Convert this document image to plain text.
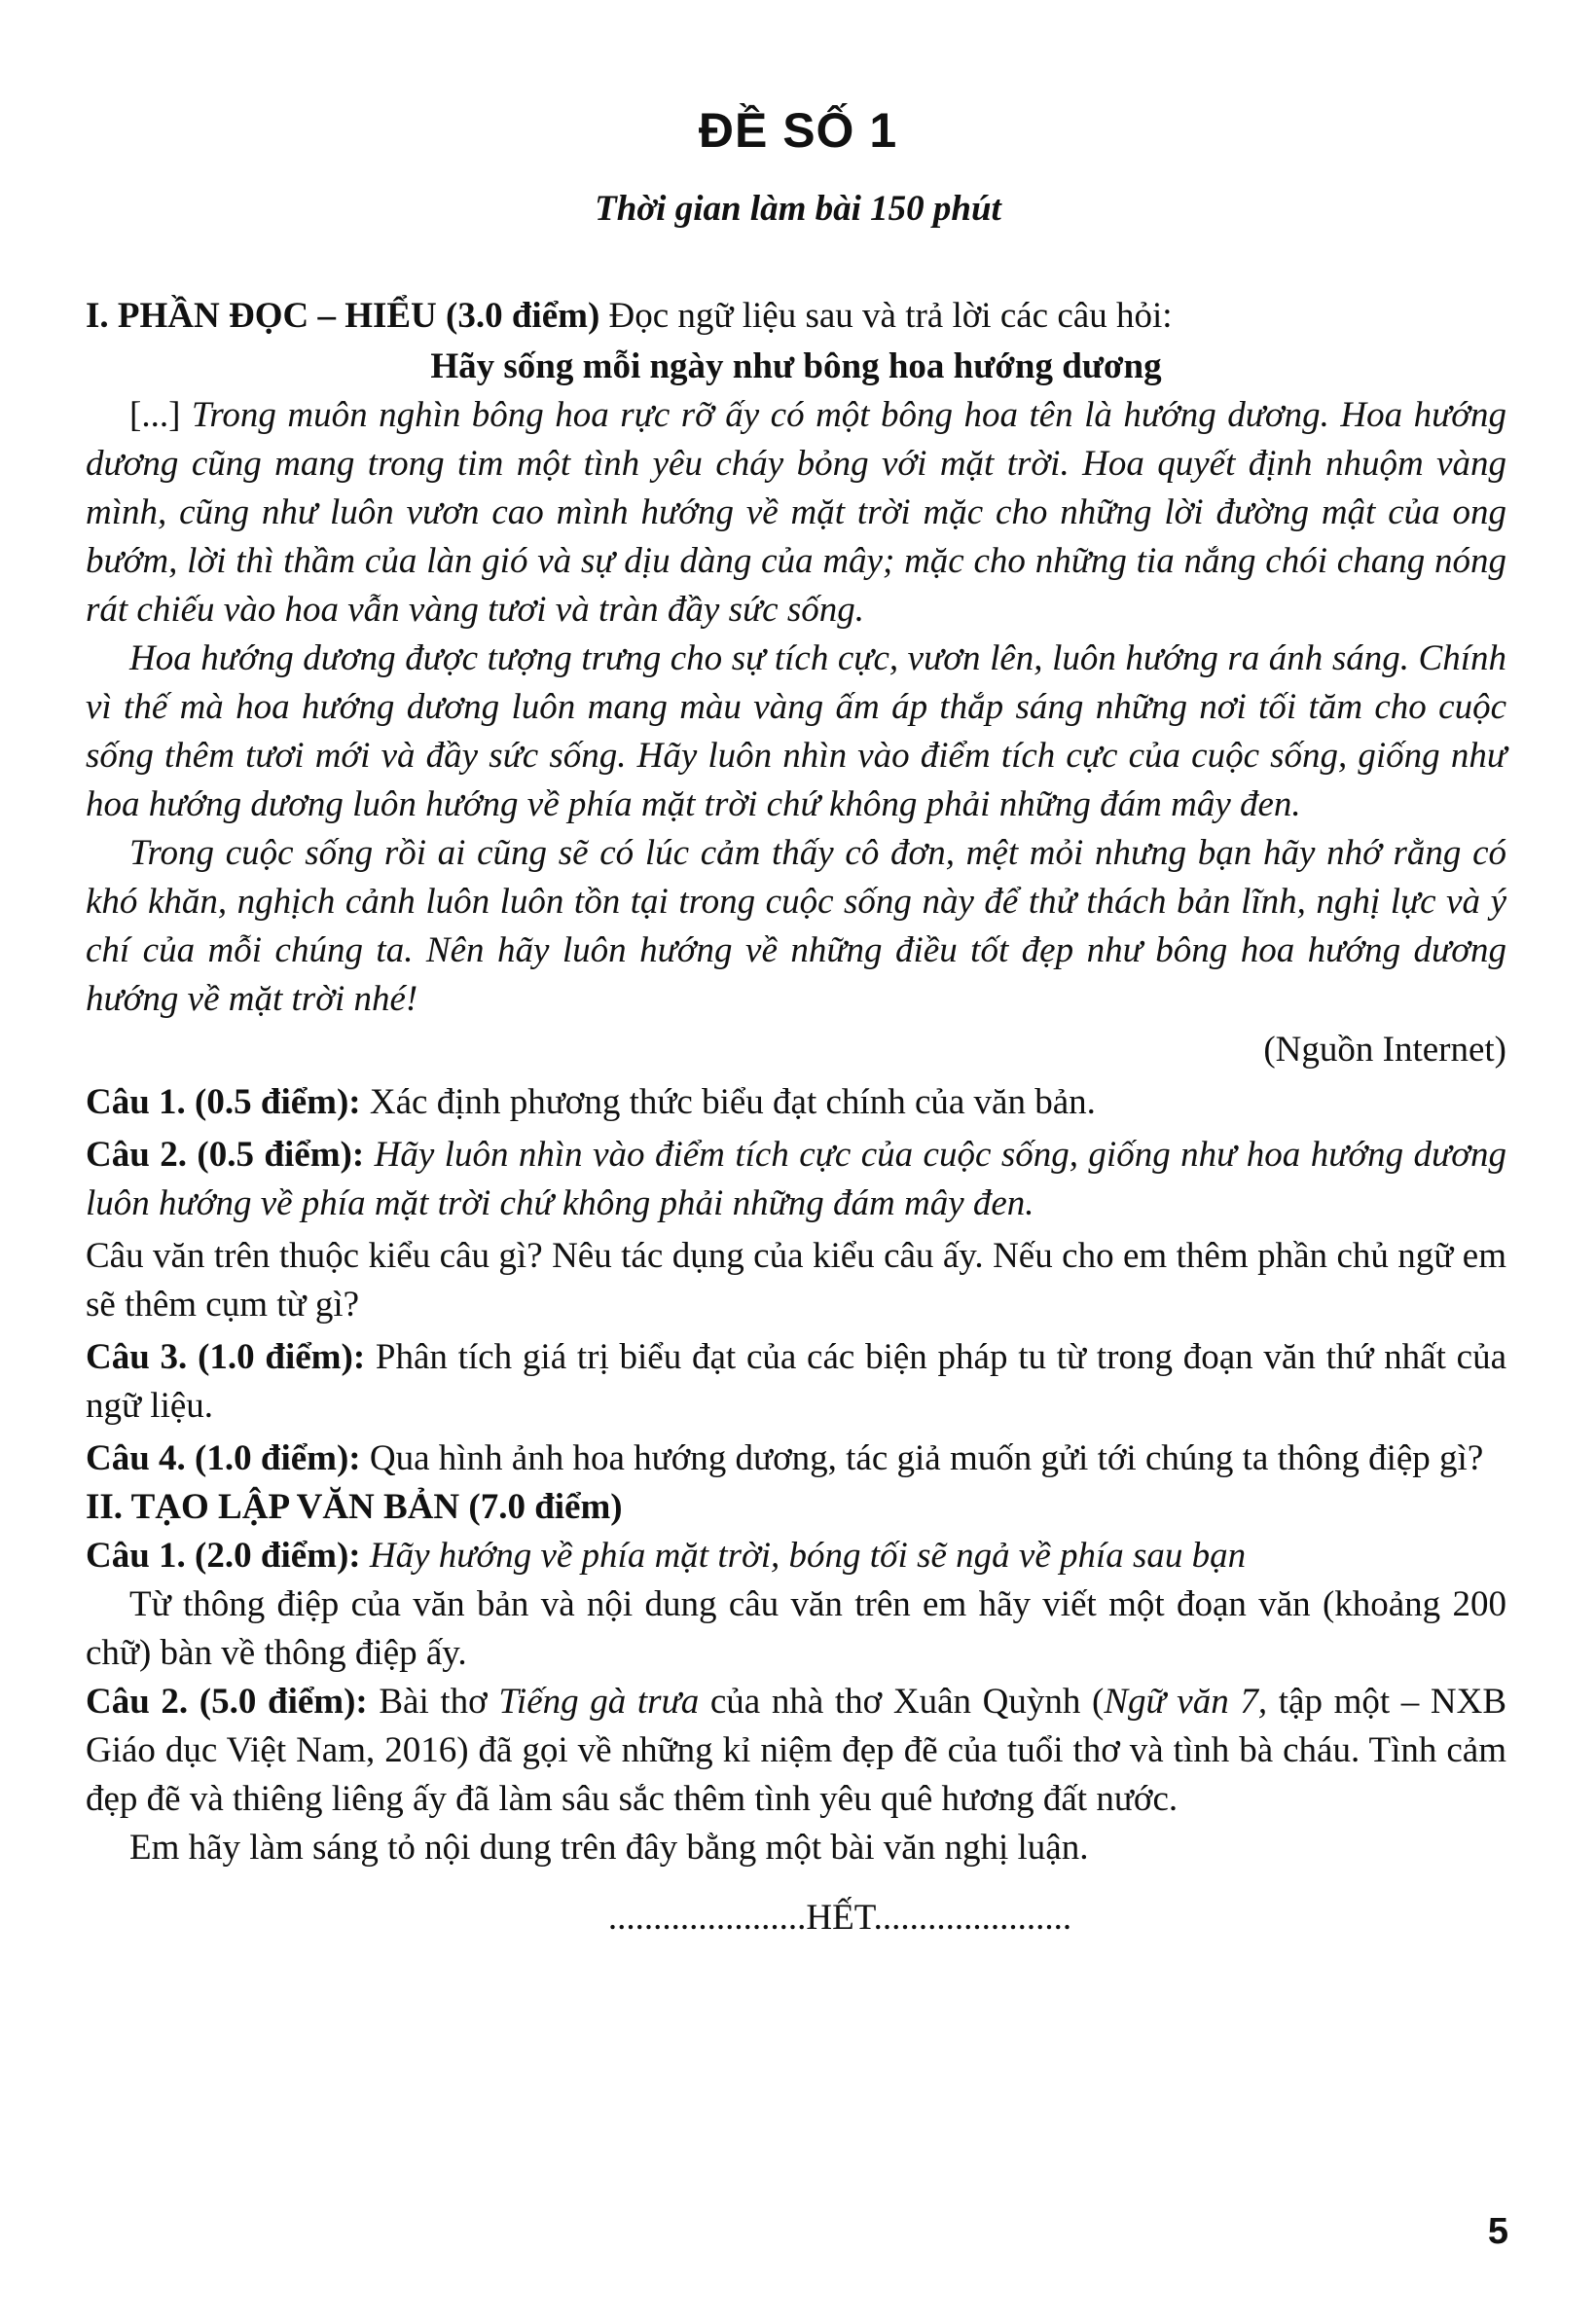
ĐỀ SỐ 1
Thời gian làm bài 150 phút

I. PHẦN ĐỌC – HIỂU (3.0 điểm) Đọc ngữ liệu sau và trả lời các câu hỏi:

Hãy sống mỗi ngày như bông hoa hướng dương

[...] Trong muôn nghìn bông hoa rực rỡ ấy có một bông hoa tên là hướng dương. Hoa hướng dương cũng mang trong tim một tình yêu cháy bỏng với mặt trời. Hoa quyết định nhuộm vàng mình, cũng như luôn vươn cao mình hướng về mặt trời mặc cho những lời đường mật của ong bướm, lời thì thầm của làn gió và sự dịu dàng của mây; mặc cho những tia nắng chói chang nóng rát chiếu vào hoa vẫn vàng tươi và tràn đầy sức sống.

Hoa hướng dương được tượng trưng cho sự tích cực, vươn lên, luôn hướng ra ánh sáng. Chính vì thế mà hoa hướng dương luôn mang màu vàng ấm áp thắp sáng những nơi tối tăm cho cuộc sống thêm tươi mới và đầy sức sống. Hãy luôn nhìn vào điểm tích cực của cuộc sống, giống như hoa hướng dương luôn hướng về phía mặt trời chứ không phải những đám mây đen.

Trong cuộc sống rồi ai cũng sẽ có lúc cảm thấy cô đơn, mệt mỏi nhưng bạn hãy nhớ rằng có khó khăn, nghịch cảnh luôn luôn tồn tại trong cuộc sống này để thử thách bản lĩnh, nghị lực và ý chí của mỗi chúng ta. Nên hãy luôn hướng về những điều tốt đẹp như bông hoa hướng dương hướng về mặt trời nhé!

(Nguồn Internet)

Câu 1. (0.5 điểm): Xác định phương thức biểu đạt chính của văn bản.

Câu 2. (0.5 điểm): Hãy luôn nhìn vào điểm tích cực của cuộc sống, giống như hoa hướng dương luôn hướng về phía mặt trời chứ không phải những đám mây đen.

Câu văn trên thuộc kiểu câu gì? Nêu tác dụng của kiểu câu ấy. Nếu cho em thêm phần chủ ngữ em sẽ thêm cụm từ gì?

Câu 3. (1.0 điểm): Phân tích giá trị biểu đạt của các biện pháp tu từ trong đoạn văn thứ nhất của ngữ liệu.

Câu 4. (1.0 điểm): Qua hình ảnh hoa hướng dương, tác giả muốn gửi tới chúng ta thông điệp gì?

II. TẠO LẬP VĂN BẢN (7.0 điểm)

Câu 1. (2.0 điểm): Hãy hướng về phía mặt trời, bóng tối sẽ ngả về phía sau bạn

Từ thông điệp của văn bản và nội dung câu văn trên em hãy viết một đoạn văn (khoảng 200 chữ) bàn về thông điệp ấy.

Câu 2. (5.0 điểm): Bài thơ Tiếng gà trưa của nhà thơ Xuân Quỳnh (Ngữ văn 7, tập một – NXB Giáo dục Việt Nam, 2016) đã gọi về những kỉ niệm đẹp đẽ của tuổi thơ và tình bà cháu. Tình cảm đẹp đẽ và thiêng liêng ấy đã làm sâu sắc thêm tình yêu quê hương đất nước.

Em hãy làm sáng tỏ nội dung trên đây bằng một bài văn nghị luận.

......................HẾT......................

5
